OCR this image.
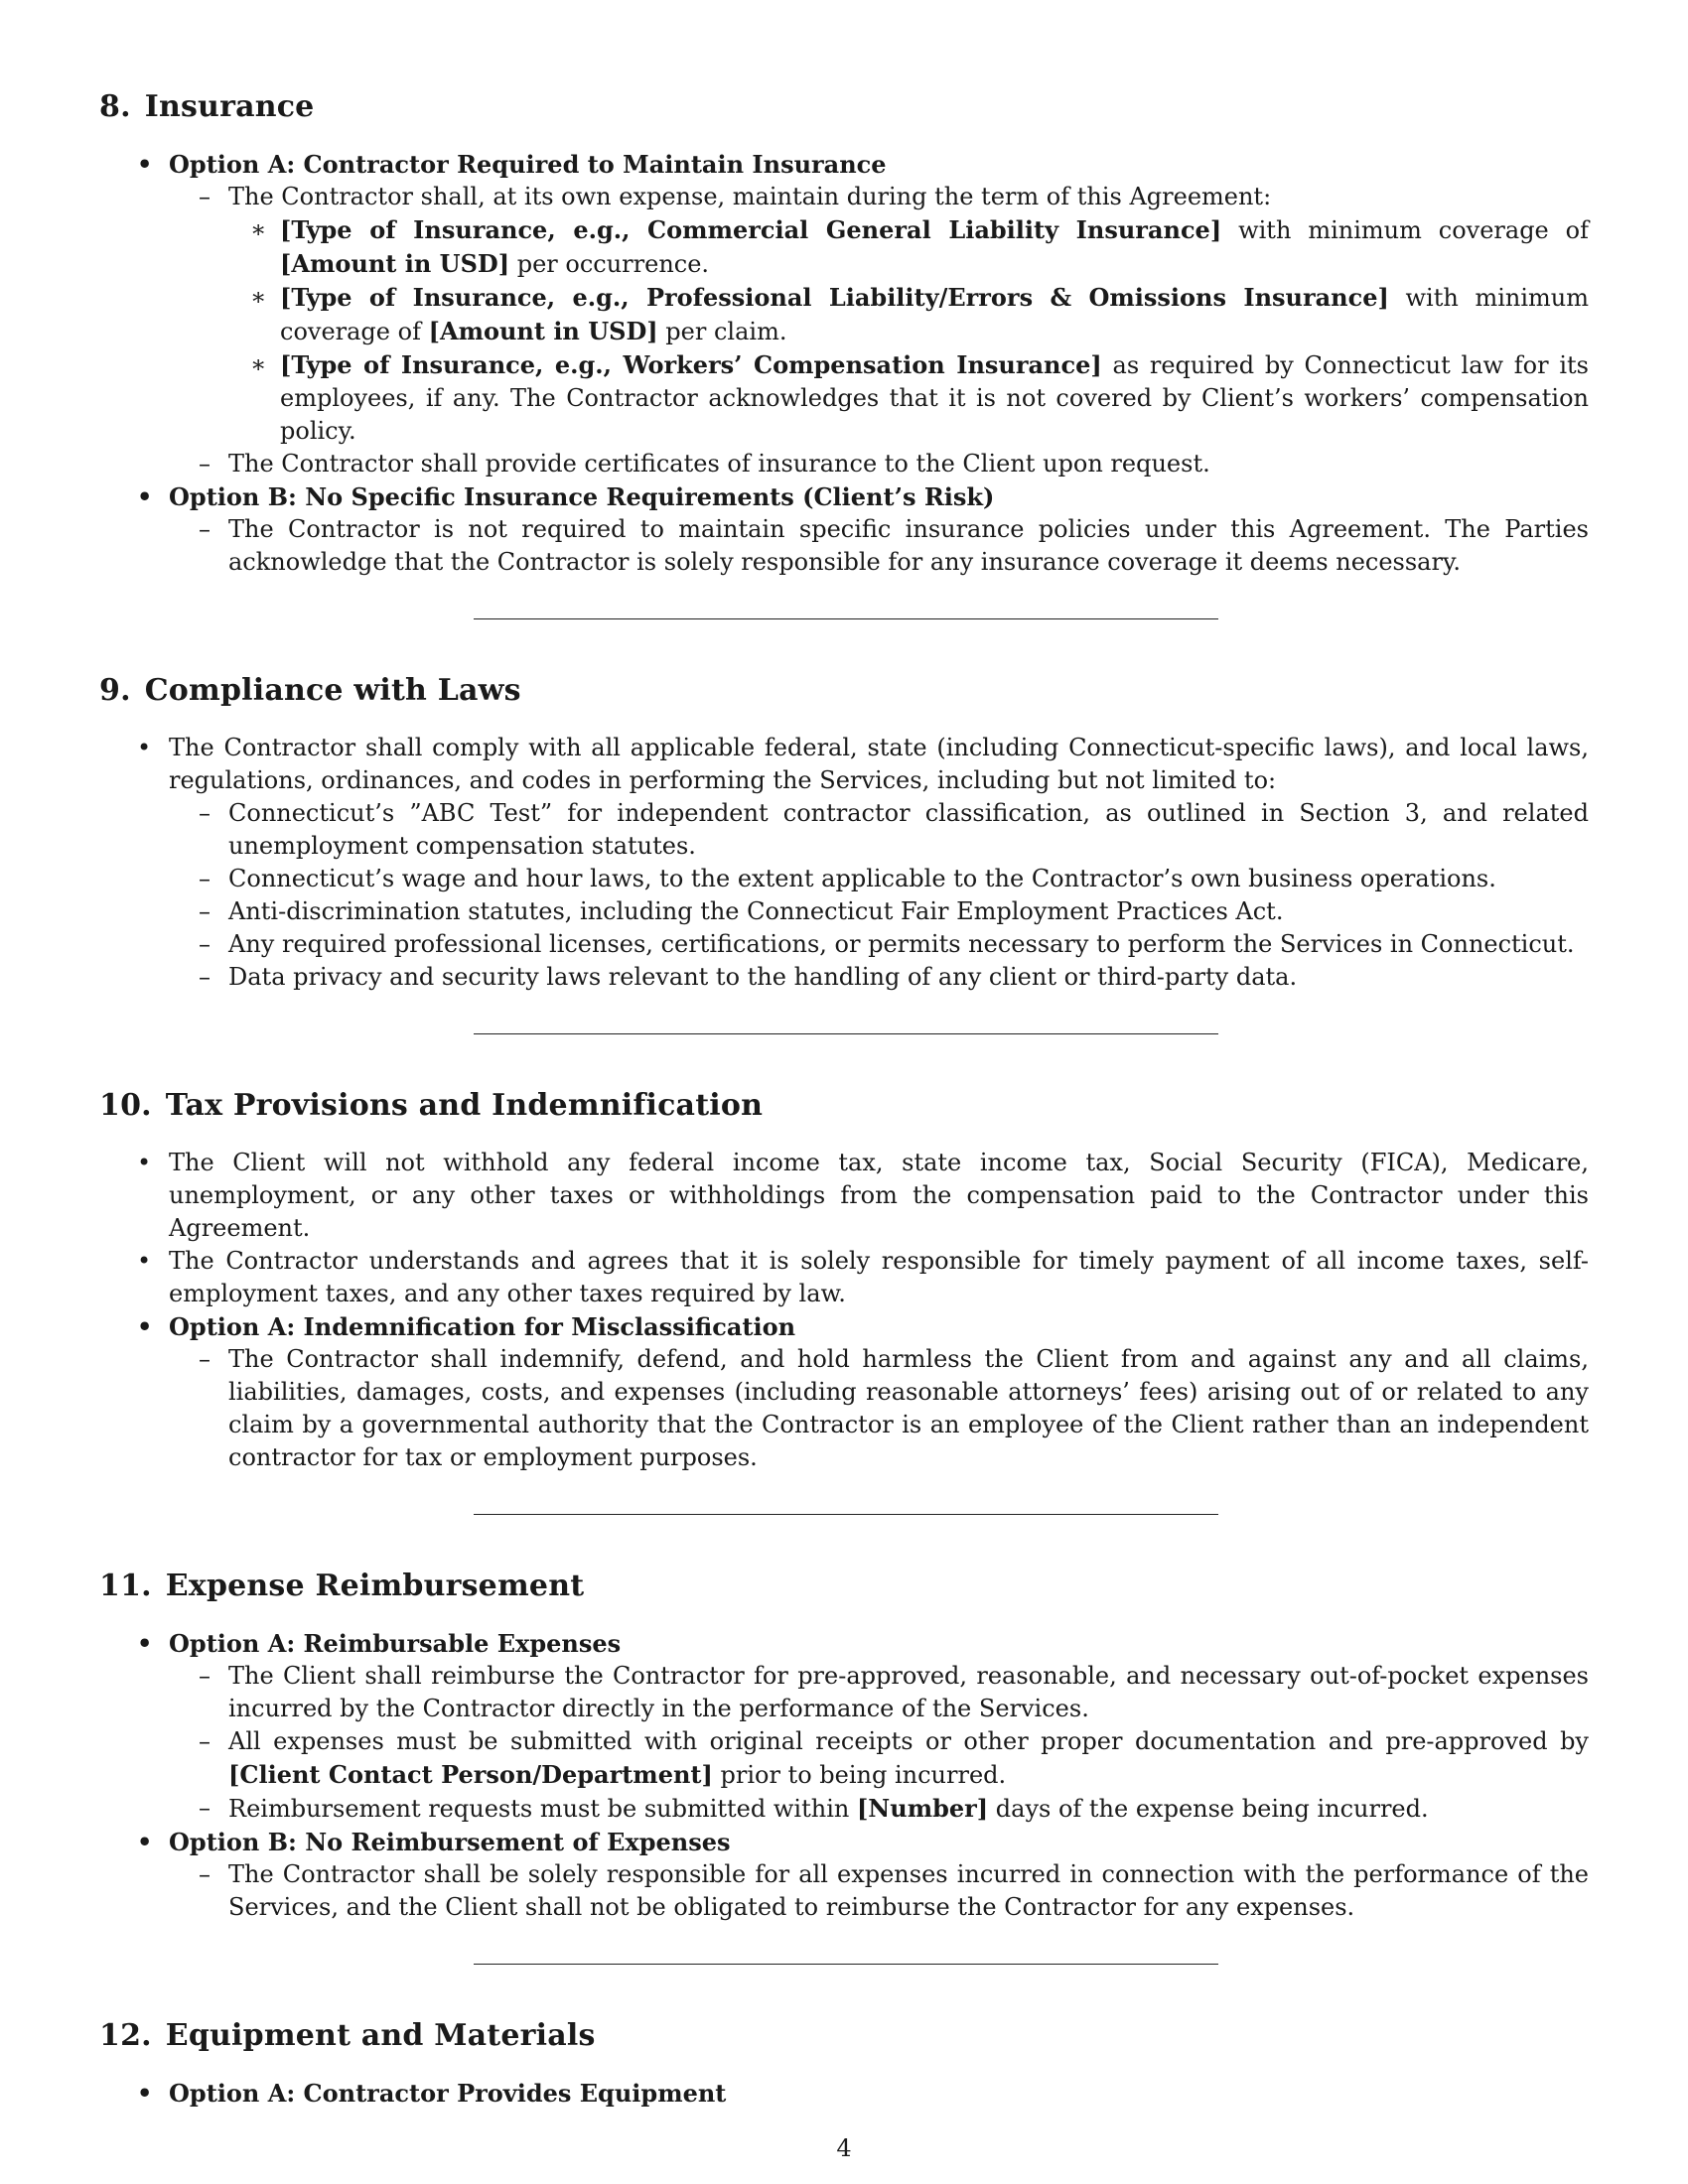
8. Insurance
• Option A: Contractor Required to Maintain Insurance
– The Contractor shall, at its own expense, maintain during the term of this Agreement:
∗ [Type of Insurance, e.g., Commercial General Liability Insurance] with minimum coverage of [Amount in USD] per occurrence.
∗ [Type of Insurance, e.g., Professional Liability/Errors & Omissions Insurance] with minimum coverage of [Amount in USD] per claim.
∗ [Type of Insurance, e.g., Workers’ Compensation Insurance] as required by Connecticut law for its employees, if any. The Contractor acknowledges that it is not covered by Client’s workers’ compensation policy.
– The Contractor shall provide certificates of insurance to the Client upon request.
• Option B: No Specific Insurance Requirements (Client’s Risk)
– The Contractor is not required to maintain specific insurance policies under this Agreement. The Parties acknowledge that the Contractor is solely responsible for any insurance coverage it deems necessary.
9. Compliance with Laws
• The Contractor shall comply with all applicable federal, state (including Connecticut-specific laws), and local laws, regulations, ordinances, and codes in performing the Services, including but not limited to:
– Connecticut’s ”ABC Test” for independent contractor classification, as outlined in Section 3, and related unemployment compensation statutes.
– Connecticut’s wage and hour laws, to the extent applicable to the Contractor’s own business operations.
– Anti-discrimination statutes, including the Connecticut Fair Employment Practices Act.
– Any required professional licenses, certifications, or permits necessary to perform the Services in Connecticut.
– Data privacy and security laws relevant to the handling of any client or third-party data.
10. Tax Provisions and Indemnification
• The Client will not withhold any federal income tax, state income tax, Social Security (FICA), Medicare, unemployment, or any other taxes or withholdings from the compensation paid to the Contractor under this Agreement.
• The Contractor understands and agrees that it is solely responsible for timely payment of all income taxes, self-employment taxes, and any other taxes required by law.
• Option A: Indemnification for Misclassification
– The Contractor shall indemnify, defend, and hold harmless the Client from and against any and all claims, liabilities, damages, costs, and expenses (including reasonable attorneys’ fees) arising out of or related to any claim by a governmental authority that the Contractor is an employee of the Client rather than an independent contractor for tax or employment purposes.
11. Expense Reimbursement
• Option A: Reimbursable Expenses
– The Client shall reimburse the Contractor for pre-approved, reasonable, and necessary out-of-pocket expenses incurred by the Contractor directly in the performance of the Services.
– All expenses must be submitted with original receipts or other proper documentation and pre-approved by [Client Contact Person/Department] prior to being incurred.
– Reimbursement requests must be submitted within [Number] days of the expense being incurred.
• Option B: No Reimbursement of Expenses
– The Contractor shall be solely responsible for all expenses incurred in connection with the performance of the Services, and the Client shall not be obligated to reimburse the Contractor for any expenses.
12. Equipment and Materials
• Option A: Contractor Provides Equipment
4
